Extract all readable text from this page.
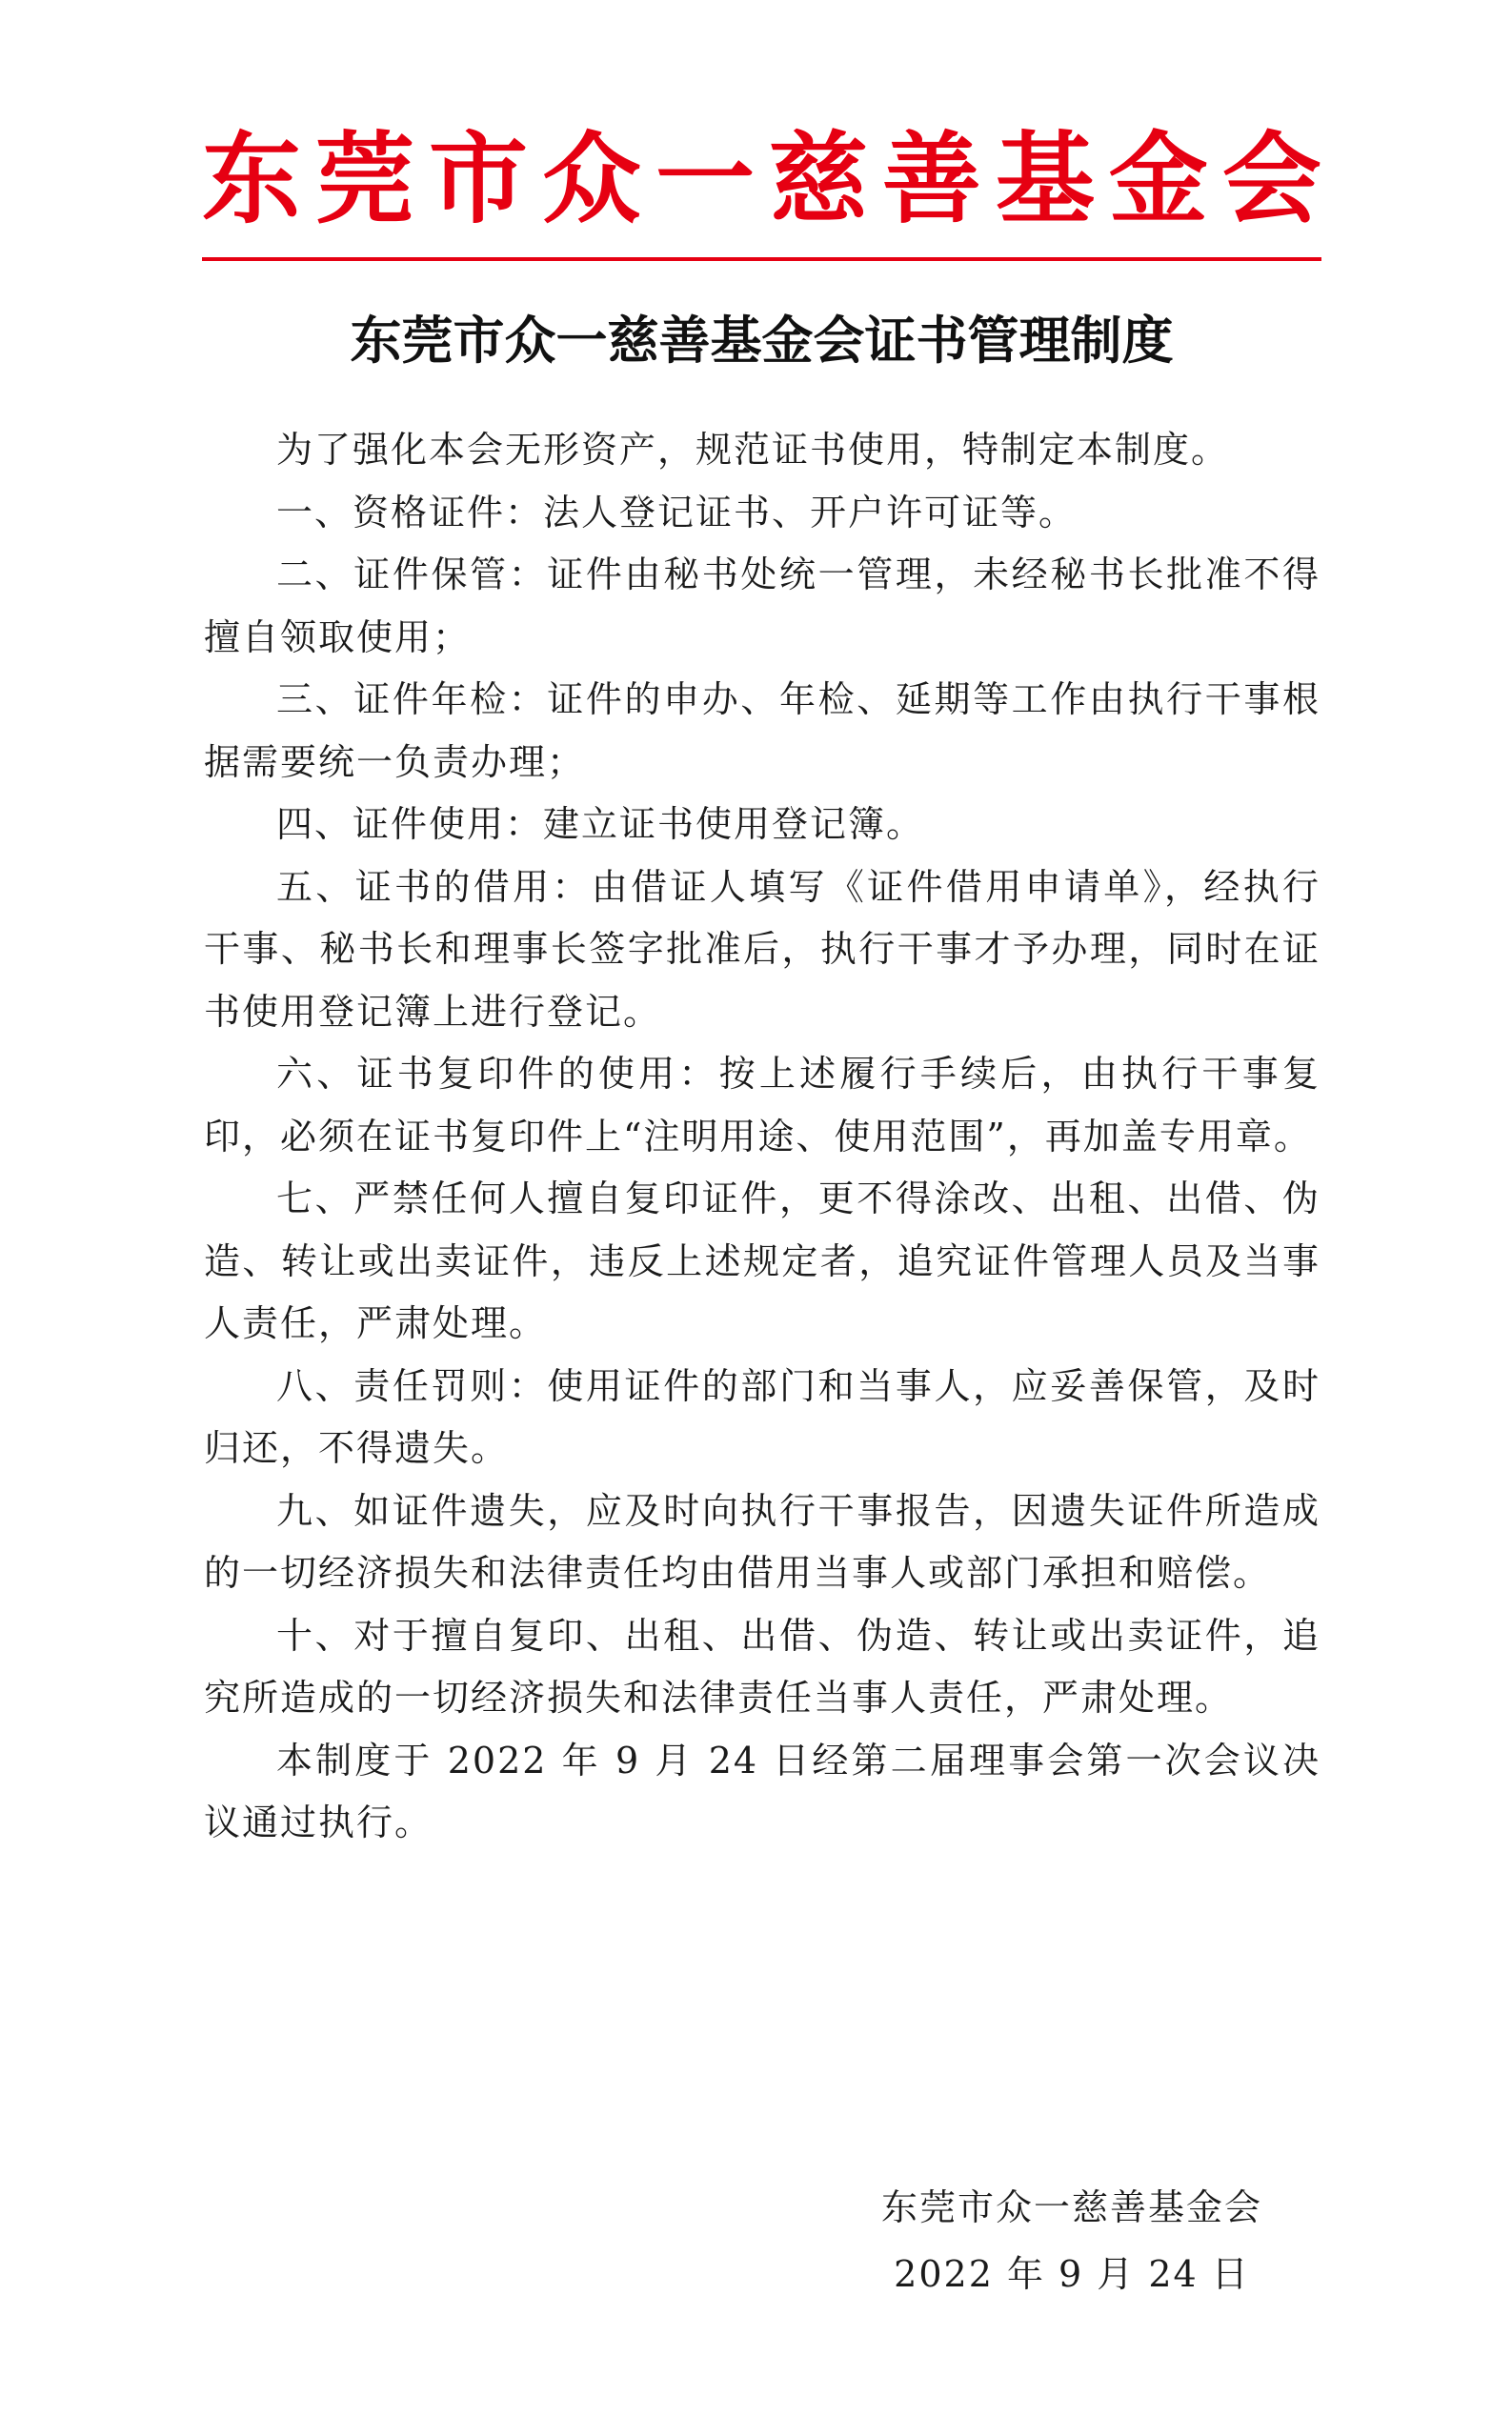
东 莞 市 众 一 慈 善 基 金 会
东莞市众一慈善基金会证书管理制度

为了强化本会无形资产，规范证书使用，特制定本制度。

一、资格证件：法人登记证书、开户许可证等。

二、证件保管：证件由秘书处统一管理，未经秘书长批准不得擅自领取使用；

三、证件年检：证件的申办、年检、延期等工作由执行干事根据需要统一负责办理；

四、证件使用：建立证书使用登记簿。

五、证书的借用：由借证人填写《证件借用申请单》，经执行干事、秘书长和理事长签字批准后，执行干事才予办理，同时在证书使用登记簿上进行登记。

六、证书复印件的使用：按上述履行手续后，由执行干事复印，必须在证书复印件上“注明用途、使用范围”，再加盖专用章。

七、严禁任何人擅自复印证件，更不得涂改、出租、出借、伪造、转让或出卖证件，违反上述规定者，追究证件管理人员及当事人责任，严肃处理。

八、责任罚则：使用证件的部门和当事人，应妥善保管，及时归还，不得遗失。

九、如证件遗失，应及时向执行干事报告，因遗失证件所造成的一切经济损失和法律责任均由借用当事人或部门承担和赔偿。

十、对于擅自复印、出租、出借、伪造、转让或出卖证件，追究所造成的一切经济损失和法律责任当事人责任，严肃处理。

本制度于 2022 年 9 月 24 日经第二届理事会第一次会议决议通过执行。

东莞市众一慈善基金会
2022 年 9 月 24 日
